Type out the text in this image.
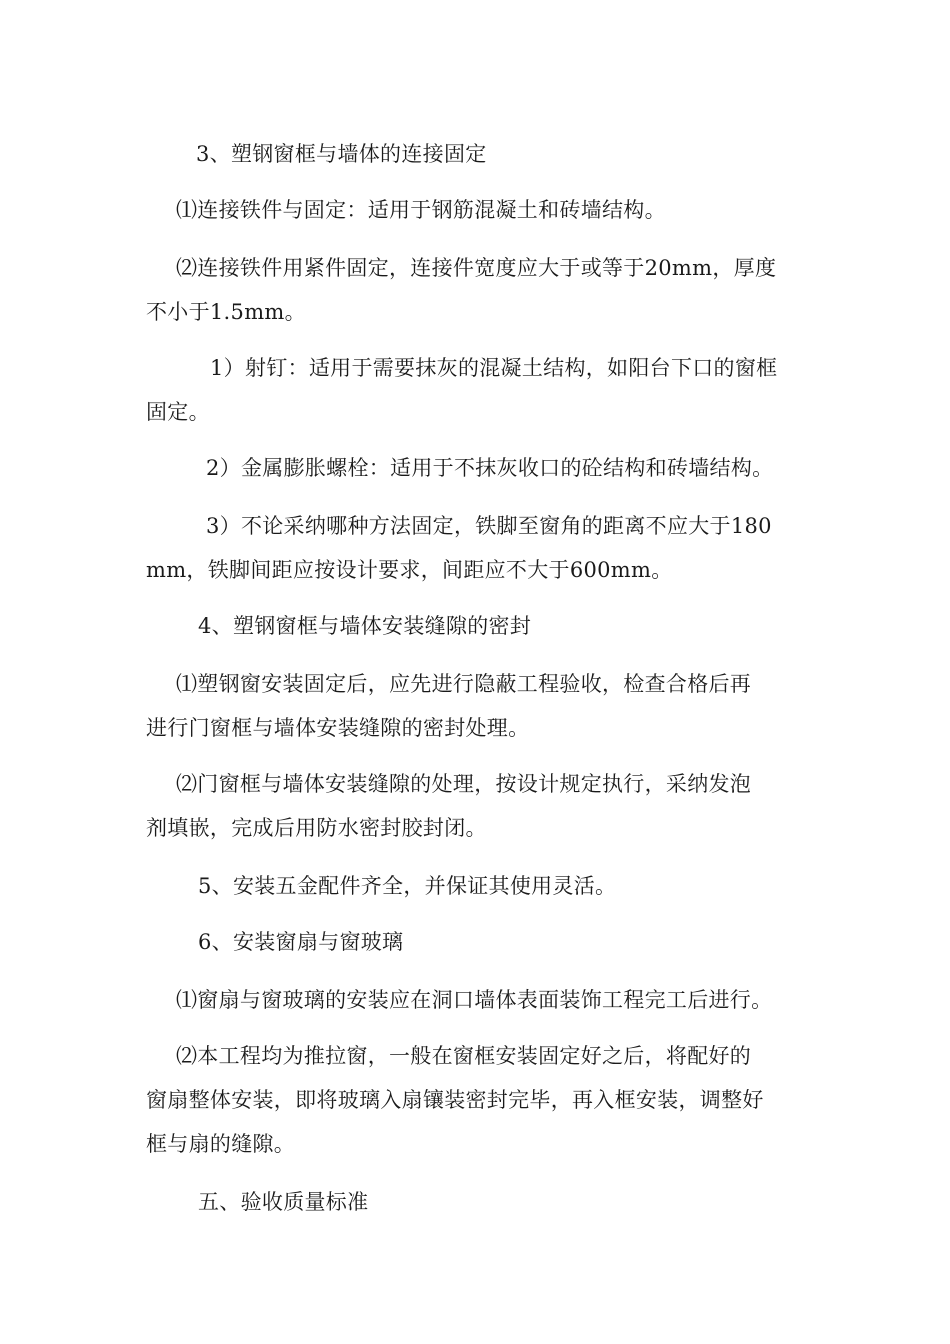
3、塑钢窗框与墙体的连接固定
⑴连接铁件与固定：适用于钢筋混凝土和砖墙结构。
⑵连接铁件用紧件固定，连接件宽度应大于或等于20mm，厚度
不小于1.5mm。
1）射钉：适用于需要抹灰的混凝土结构，如阳台下口的窗框
固定。
2）金属膨胀螺栓：适用于不抹灰收口的砼结构和砖墙结构。
3）不论采纳哪种方法固定，铁脚至窗角的距离不应大于180
mm，铁脚间距应按设计要求，间距应不大于600mm。
4、塑钢窗框与墙体安装缝隙的密封
⑴塑钢窗安装固定后，应先进行隐蔽工程验收，检查合格后再
进行门窗框与墙体安装缝隙的密封处理。
⑵门窗框与墙体安装缝隙的处理，按设计规定执行，采纳发泡
剂填嵌，完成后用防水密封胶封闭。
5、安装五金配件齐全，并保证其使用灵活。
6、安装窗扇与窗玻璃
⑴窗扇与窗玻璃的安装应在洞口墙体表面装饰工程完工后进行。
⑵本工程均为推拉窗，一般在窗框安装固定好之后，将配好的
窗扇整体安装，即将玻璃入扇镶装密封完毕，再入框安装，调整好
框与扇的缝隙。
五、验收质量标准
